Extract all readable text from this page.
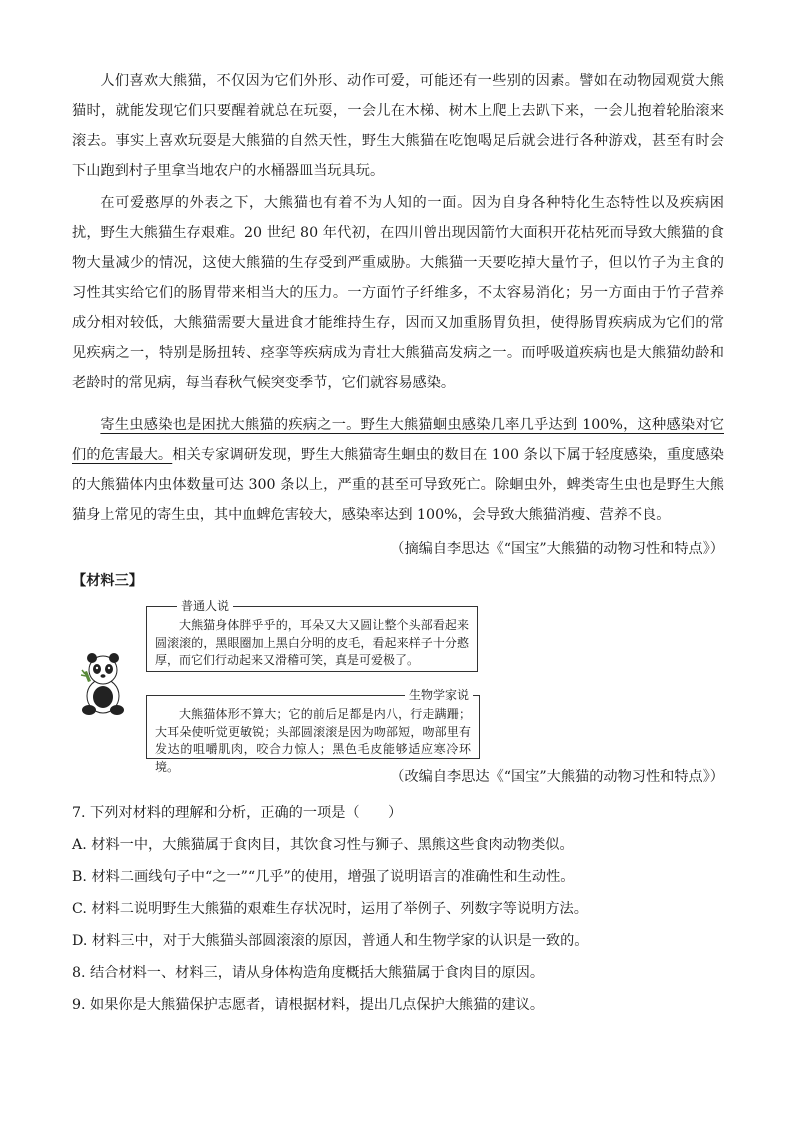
人们喜欢大熊猫，不仅因为它们外形、动作可爱，可能还有一些别的因素。譬如在动物园观赏大熊猫时，就能发现它们只要醒着就总在玩耍，一会儿在木梯、树木上爬上去趴下来，一会儿抱着轮胎滚来滚去。事实上喜欢玩耍是大熊猫的自然天性，野生大熊猫在吃饱喝足后就会进行各种游戏，甚至有时会下山跑到村子里拿当地农户的水桶器皿当玩具玩。

在可爱憨厚的外表之下，大熊猫也有着不为人知的一面。因为自身各种特化生态特性以及疾病困扰，野生大熊猫生存艰难。20 世纪 80 年代初，在四川曾出现因箭竹大面积开花枯死而导致大熊猫的食物大量减少的情况，这使大熊猫的生存受到严重威胁。大熊猫一天要吃掉大量竹子，但以竹子为主食的习性其实给它们的肠胃带来相当大的压力。一方面竹子纤维多，不太容易消化；另一方面由于竹子营养成分相对较低，大熊猫需要大量进食才能维持生存，因而又加重肠胃负担，使得肠胃疾病成为它们的常见疾病之一，特别是肠扭转、痉挛等疾病成为青壮大熊猫高发病之一。而呼吸道疾病也是大熊猫幼龄和老龄时的常见病，每当春秋气候突变季节，它们就容易感染。

寄生虫感染也是困扰大熊猫的疾病之一。野生大熊猫蛔虫感染几率几乎达到 100%，这种感染对它们的危害最大。相关专家调研发现，野生大熊猫寄生蛔虫的数目在 100 条以下属于轻度感染，重度感染的大熊猫体内虫体数量可达 300 条以上，严重的甚至可导致死亡。除蛔虫外，蜱类寄生虫也是野生大熊猫身上常见的寄生虫，其中血蜱危害较大，感染率达到 100%，会导致大熊猫消瘦、营养不良。

（摘编自李思达《“国宝”大熊猫的动物习性和特点》）

【材料三】

普通人说

大熊猫身体胖乎乎的，耳朵又大又圆让整个头部看起来圆滚滚的，黑眼圈加上黑白分明的皮毛，看起来样子十分憨厚，而它们行动起来又滑稽可笑，真是可爱极了。

生物学家说

大熊猫体形不算大；它的前后足都是内八，行走蹒跚；大耳朵使听觉更敏锐；头部圆滚滚是因为吻部短，吻部里有发达的咀嚼肌肉，咬合力惊人；黑色毛皮能够适应寒冷环境。

（改编自李思达《“国宝”大熊猫的动物习性和特点》）

7. 下列对材料的理解和分析，正确的一项是（　　）

A. 材料一中，大熊猫属于食肉目，其饮食习性与狮子、黑熊这些食肉动物类似。

B. 材料二画线句子中“之一”“几乎”的使用，增强了说明语言的准确性和生动性。

C. 材料二说明野生大熊猫的艰难生存状况时，运用了举例子、列数字等说明方法。

D. 材料三中，对于大熊猫头部圆滚滚的原因，普通人和生物学家的认识是一致的。

8. 结合材料一、材料三，请从身体构造角度概括大熊猫属于食肉目的原因。

9. 如果你是大熊猫保护志愿者，请根据材料，提出几点保护大熊猫的建议。
